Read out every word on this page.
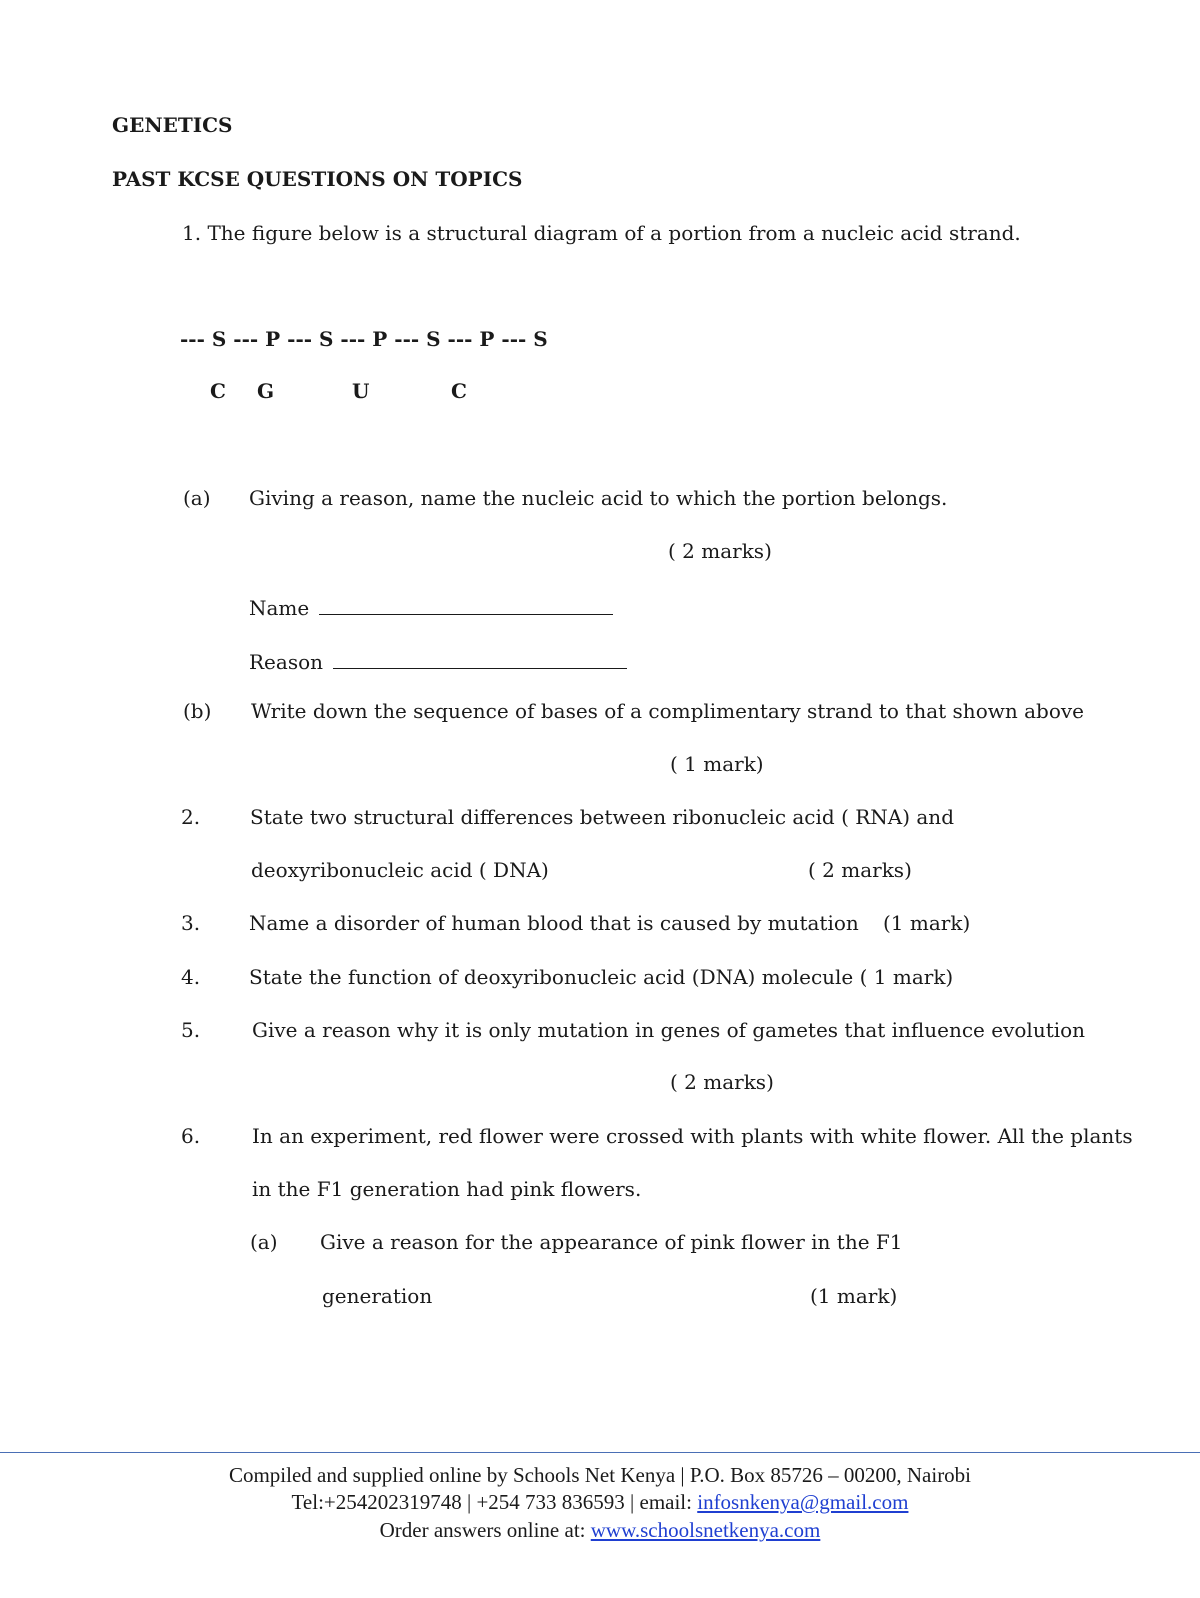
GENETICS
PAST KCSE QUESTIONS ON TOPICS
1. The figure below is a structural diagram of a portion from a nucleic acid strand.
--- S --- P --- S --- P --- S --- P --- S
C G	U	C
(a) Giving a reason, name the nucleic acid to which the portion belongs.
( 2 marks)
Name
Reason
(b) Write down the sequence of bases of a complimentary strand to that shown above
( 1 mark)
2. State two structural differences between ribonucleic acid ( RNA) and
deoxyribonucleic acid ( DNA)	( 2 marks)
3. Name a disorder of human blood that is caused by mutation (1 mark)
4. State the function of deoxyribonucleic acid (DNA) molecule ( 1 mark)
5.	Give a reason why it is only mutation in genes of gametes that influence evolution
( 2 marks)
6.	In an experiment, red flower were crossed with plants with white flower. All the plants
in the F1 generation had pink flowers.
(a) Give a reason for the appearance of pink flower in the F1
generation	(1 mark)
Compiled and supplied online by Schools Net Kenya | P.O. Box 85726 – 00200, Nairobi
Tel:+254202319748 | +254 733 836593 | email: infosnkenya@gmail.com
Order answers online at: www.schoolsnetkenya.com
